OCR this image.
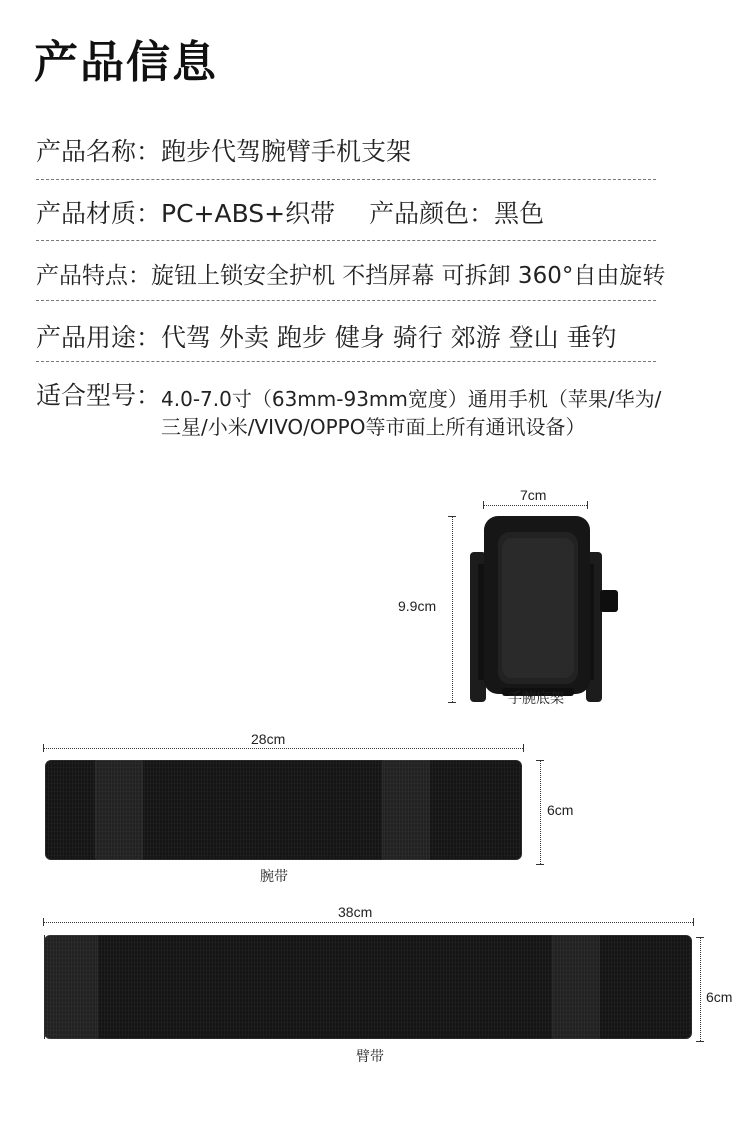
产品信息
产品名称：跑步代驾腕臂手机支架
产品材质：PC+ABS+织带 产品颜色：黑色
产品特点：旋钮上锁安全护机 不挡屏幕 可拆卸 360°自由旋转
产品用途：代驾 外卖 跑步 健身 骑行 郊游 登山 垂钓
适合型号：4.0-7.0寸（63mm-93mm宽度）通用手机（苹果/华为/三星/小米/VIVO/OPPO等市面上所有通讯设备）
7cm
9.9cm
手腕底架
28cm
6cm
腕带
38cm
6cm
臂带
